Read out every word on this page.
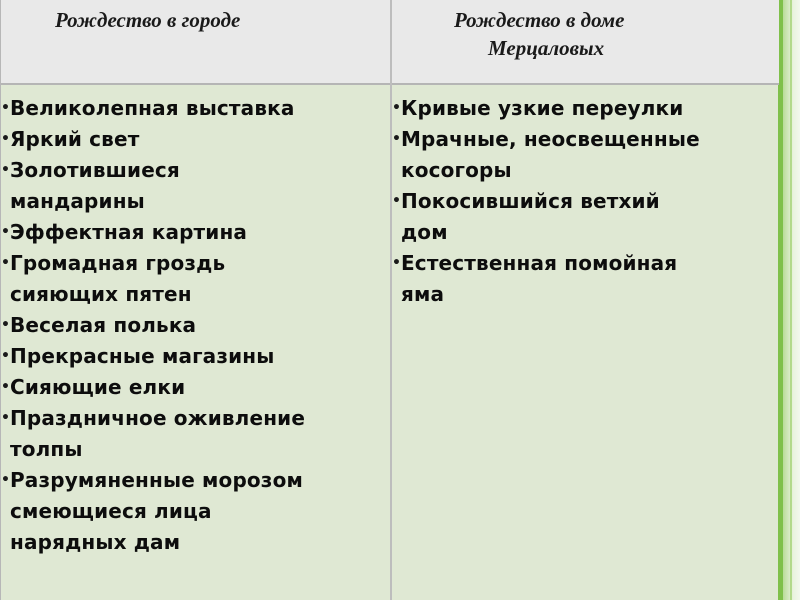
Рождество в городе	Рождество в доме
Мерцаловых
• Великолепная выставка
• Яркий свет
• Золотившиеся
мандарины
• Эффектная картина
• Громадная гроздь
сияющих пятен
• Веселая полька
• Прекрасные магазины
• Сияющие елки
• Праздничное оживление
толпы
• Разрумяненные морозом
смеющиеся лица
нарядных дам
• Кривые узкие переулки
• Мрачные, неосвещенные
косогоры
• Покосившийся ветхий
дом
• Естественная помойная
яма
